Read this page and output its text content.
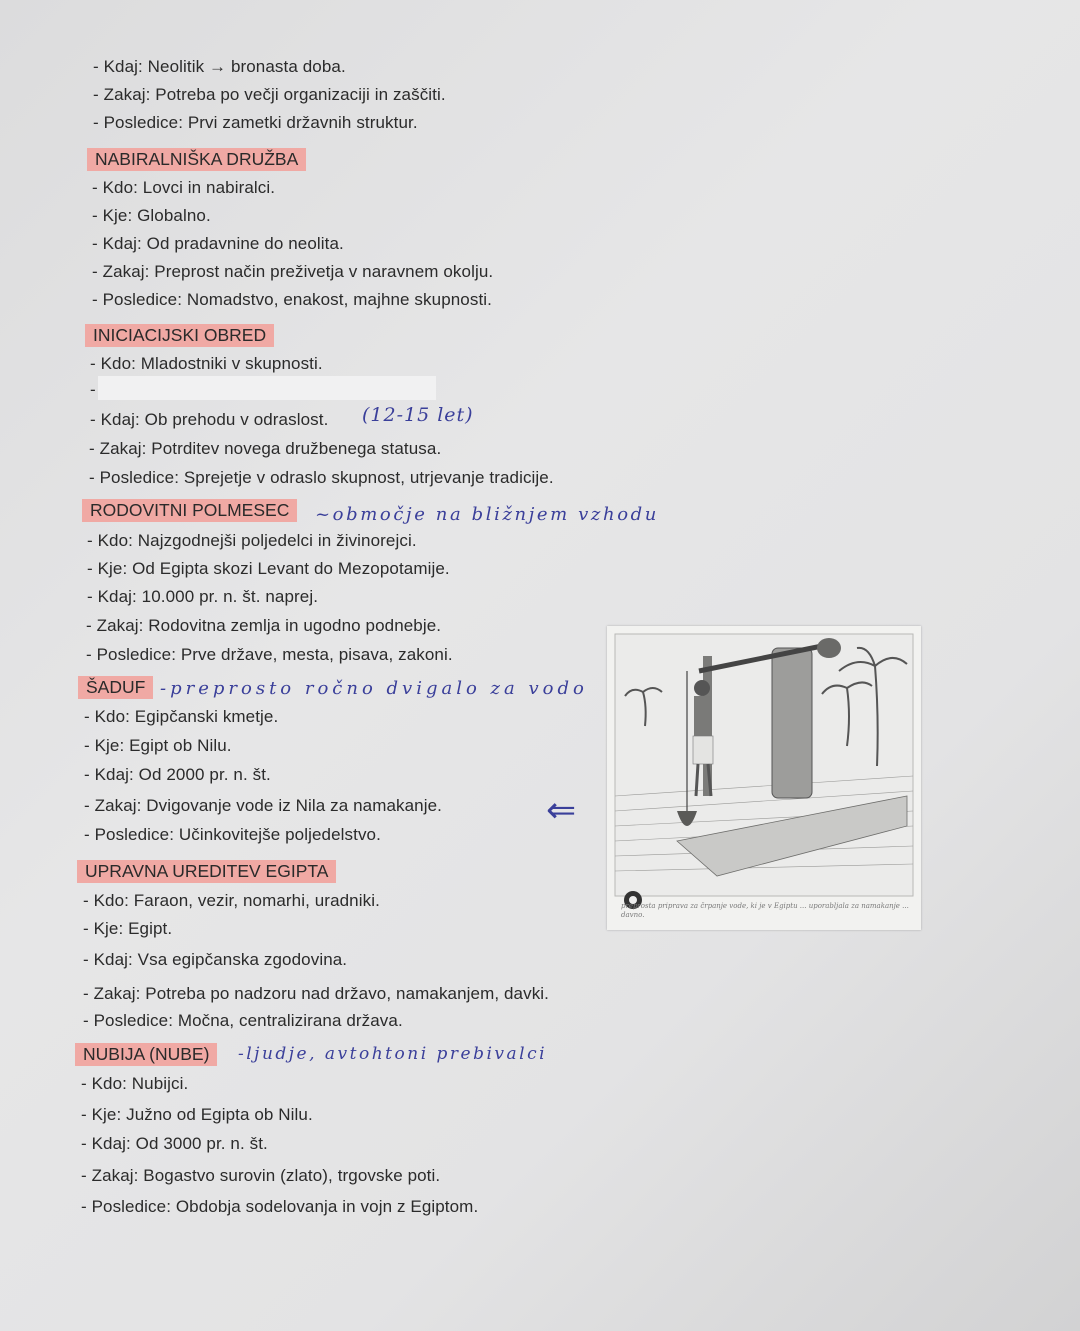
- Kdaj: Neolitik → bronasta doba.
- Zakaj: Potreba po večji organizaciji in zaščiti.
- Posledice: Prvi zametki državnih struktur.
NABIRALNIŠKA DRUŽBA
- Kdo: Lovci in nabiralci.
- Kje: Globalno.
- Kdaj: Od pradavnine do neolita.
- Zakaj: Preprost način preživetja v naravnem okolju.
- Posledice: Nomadstvo, enakost, majhne skupnosti.
INICIACIJSKI OBRED
- Kdo: Mladostniki v skupnosti.
-
- Kdaj: Ob prehodu v odraslost. (12-15 let)
- Zakaj: Potrditev novega družbenega statusa.
- Posledice: Sprejetje v odraslo skupnost, utrjevanje tradicije.
RODOVITNI POLMESEC	~območje na bližnjem vzhodu
- Kdo: Najzgodnejši poljedelci in živinorejci.
- Kje: Od Egipta skozi Levant do Mezopotamije.
- Kdaj: 10.000 pr. n. št. naprej.
- Zakaj: Rodovitna zemlja in ugodno podnebje.
- Posledice: Prve države, mesta, pisava, zakoni.
ŠADUF -preprosto ročno dvigalo za vodo
- Kdo: Egipčanski kmetje.
- Kje: Egipt ob Nilu.
- Kdaj: Od 2000 pr. n. št.
- Zakaj: Dvigovanje vode iz Nila za namakanje.
- Posledice: Učinkovitejše poljedelstvo.
⇐
preprosta priprava za črpanje vode, ki je v Egiptu ... uporabljala za namakanje ... davno.
UPRAVNA UREDITEV EGIPTA
- Kdo: Faraon, vezir, nomarhi, uradniki.
- Kje: Egipt.
- Kdaj: Vsa egipčanska zgodovina.
- Zakaj: Potreba po nadzoru nad državo, namakanjem, davki.
- Posledice: Močna, centralizirana država.
NUBIJA (NUBE)	-ljudje, avtohtoni prebivalci
- Kdo: Nubijci.
- Kje: Južno od Egipta ob Nilu.
- Kdaj: Od 3000 pr. n. št.
- Zakaj: Bogastvo surovin (zlato), trgovske poti.
- Posledice: Obdobja sodelovanja in vojn z Egiptom.
